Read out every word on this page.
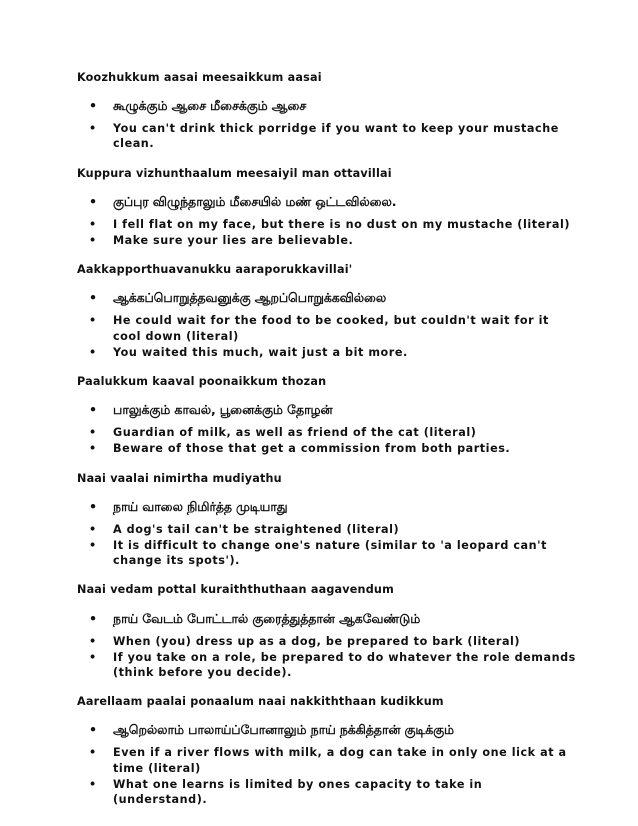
Koozhukkum aasai meesaikkum aasai

•	கூழுக்கும் ஆசை மீசைக்கும் ஆசை
•	You can't drink thick porridge if you want to keep your mustache clean.

Kuppura vizhunthaalum meesaiyil man ottavillai

•	குப்புர விழுந்தாலும் மீசையில் மண் ஒட்டவில்லை.
•	I fell flat on my face, but there is no dust on my mustache (literal)
•	Make sure your lies are believable.

Aakkapporthuavanukku aaraporukkavillai'

•	ஆக்கப்பொறுத்தவனுக்கு ஆறப்பொறுக்கவில்லை
•	He could wait for the food to be cooked, but couldn't wait for it cool down (literal)
•	You waited this much, wait just a bit more.

Paalukkum kaaval poonaikkum thozan

•	பாலுக்கும் காவல், பூனைக்கும் தோழன்
•	Guardian of milk, as well as friend of the cat (literal)
•	Beware of those that get a commission from both parties.

Naai vaalai nimirtha mudiyathu

•	நாய் வாலை நிமிர்த்த முடியாது
•	A dog's tail can't be straightened (literal)
•	It is difficult to change one's nature (similar to 'a leopard can't change its spots').

Naai vedam pottal kuraiththuthaan aagavendum

•	நாய் வேடம் போட்டால் குரைத்துத்தான் ஆகவேண்டும்
•	When (you) dress up as a dog, be prepared to bark (literal)
•	If you take on a role, be prepared to do whatever the role demands (think before you decide).

Aarellaam paalai ponaalum naai nakkiththaan kudikkum

•	ஆறெல்லாம் பாலாய்ப்போனாலும் நாய் நக்கித்தான் குடிக்கும்
•	Even if a river flows with milk, a dog can take in only one lick at a time (literal)
•	What one learns is limited by ones capacity to take in (understand).
